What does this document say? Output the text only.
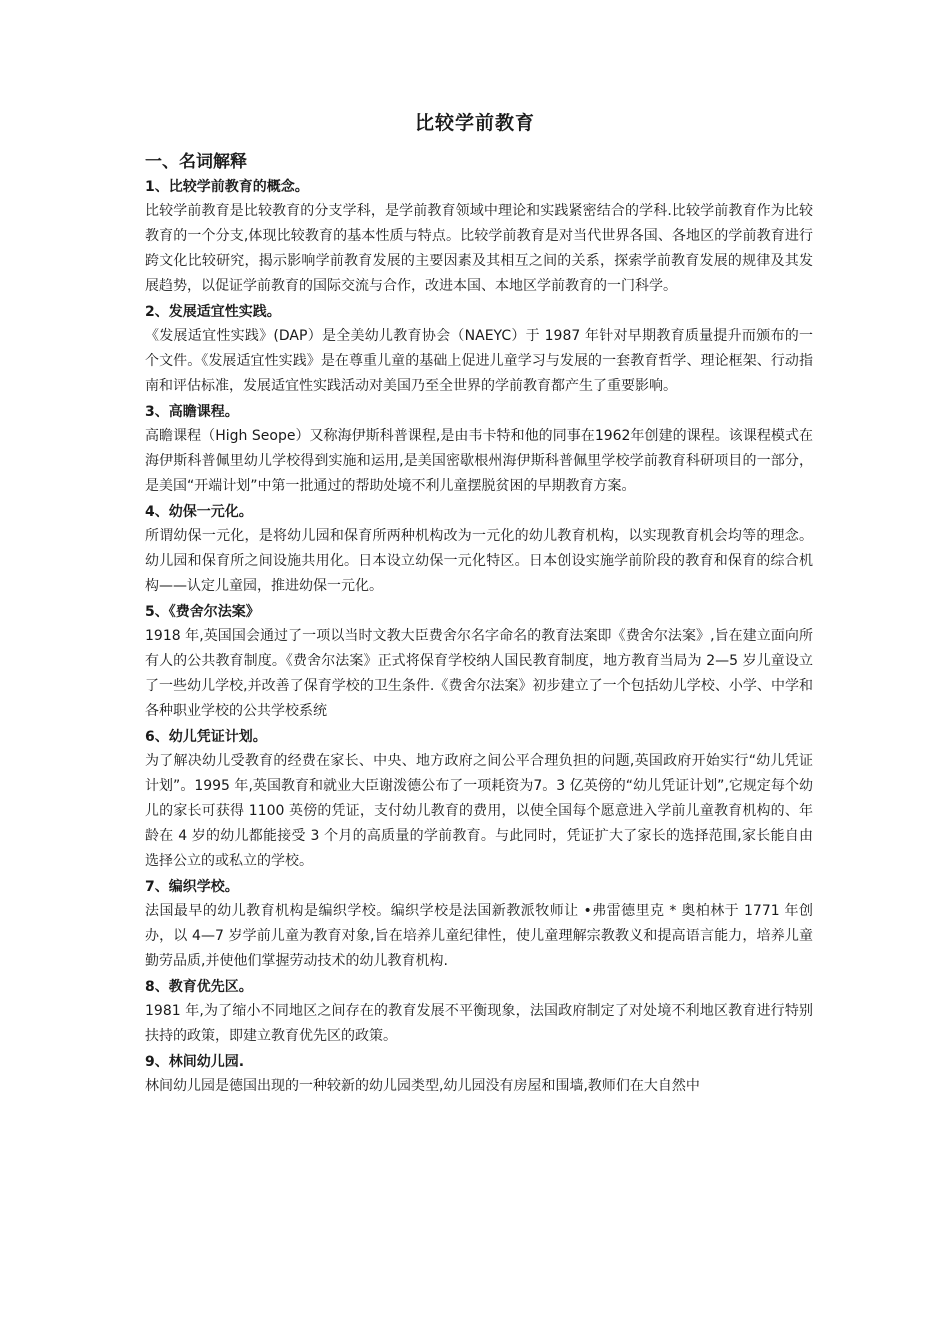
比较学前教育
一、名词解释
1、比较学前教育的概念。

比较学前教育是比较教育的分支学科，是学前教育领域中理论和实践紧密结合的学科.比较学前教育作为比较教育的一个分支,体现比较教育的基本性质与特点。比较学前教育是对当代世界各国、各地区的学前教育进行跨文化比较研究，揭示影响学前教育发展的主要因素及其相互之间的关系，探索学前教育发展的规律及其发展趋势，以促证学前教育的国际交流与合作，改进本国、本地区学前教育的一门科学。

2、发展适宜性实践。

《发展适宜性实践》(DAP）是全美幼儿教育协会（NAEYC）于 1987 年针对早期教育质量提升而颁布的一个文件。《发展适宜性实践》是在尊重儿童的基础上促进儿童学习与发展的一套教育哲学、理论框架、行动指南和评估标准，发展适宜性实践活动对美国乃至全世界的学前教育都产生了重要影响。

3、高瞻课程。

高瞻课程（High Seope）又称海伊斯科普课程,是由韦卡特和他的同事在1962年创建的课程。该课程模式在海伊斯科普佩里幼儿学校得到实施和运用,是美国密歇根州海伊斯科普佩里学校学前教育科研项目的一部分，是美国“开端计划”中第一批通过的帮助处境不利儿童摆脱贫困的早期教育方案。

4、幼保一元化。

所谓幼保一元化，是将幼儿园和保育所两种机构改为一元化的幼儿教育机构，以实现教育机会均等的理念。幼儿园和保育所之间设施共用化。日本设立幼保一元化特区。日本创设实施学前阶段的教育和保育的综合机构——认定儿童园，推进幼保一元化。

5、《费舍尔法案》

1918 年,英国国会通过了一项以当时文教大臣费舍尔名字命名的教育法案即《费舍尔法案》,旨在建立面向所有人的公共教育制度。《费舍尔法案》正式将保育学校纳人国民教育制度，地方教育当局为 2—5 岁儿童设立了一些幼儿学校,并改善了保育学校的卫生条件.《费舍尔法案》初步建立了一个包括幼儿学校、小学、中学和各种职业学校的公共学校系统

6、幼儿凭证计划。

为了解决幼儿受教育的经费在家长、中央、地方政府之间公平合理负担的问题,英国政府开始实行“幼儿凭证计划”。1995 年,英国教育和就业大臣谢泼德公布了一项耗资为7。3 亿英傍的“幼儿凭证计划”,它规定每个幼儿的家长可获得 1100 英傍的凭证，支付幼儿教育的费用，以使全国每个愿意进入学前儿童教育机构的、年龄在 4 岁的幼儿都能接受 3 个月的高质量的学前教育。与此同时，凭证扩大了家长的选择范围,家长能自由选择公立的或私立的学校。

7、编织学校。

法国最早的幼儿教育机构是编织学校。编织学校是法国新教派牧师让 •弗雷德里克 * 奥柏林于 1771 年创办，以 4—7 岁学前儿童为教育对象,旨在培养儿童纪律性，使儿童理解宗教教义和提高语言能力，培养儿童勤劳品质,并使他们掌握劳动技术的幼儿教育机构.

8、教育优先区。

1981 年,为了缩小不同地区之间存在的教育发展不平衡现象，法国政府制定了对处境不利地区教育进行特别扶持的政策，即建立教育优先区的政策。

9、林间幼儿园.

林间幼儿园是德国出现的一种较新的幼儿园类型,幼儿园没有房屋和围墙,教师们在大自然中
